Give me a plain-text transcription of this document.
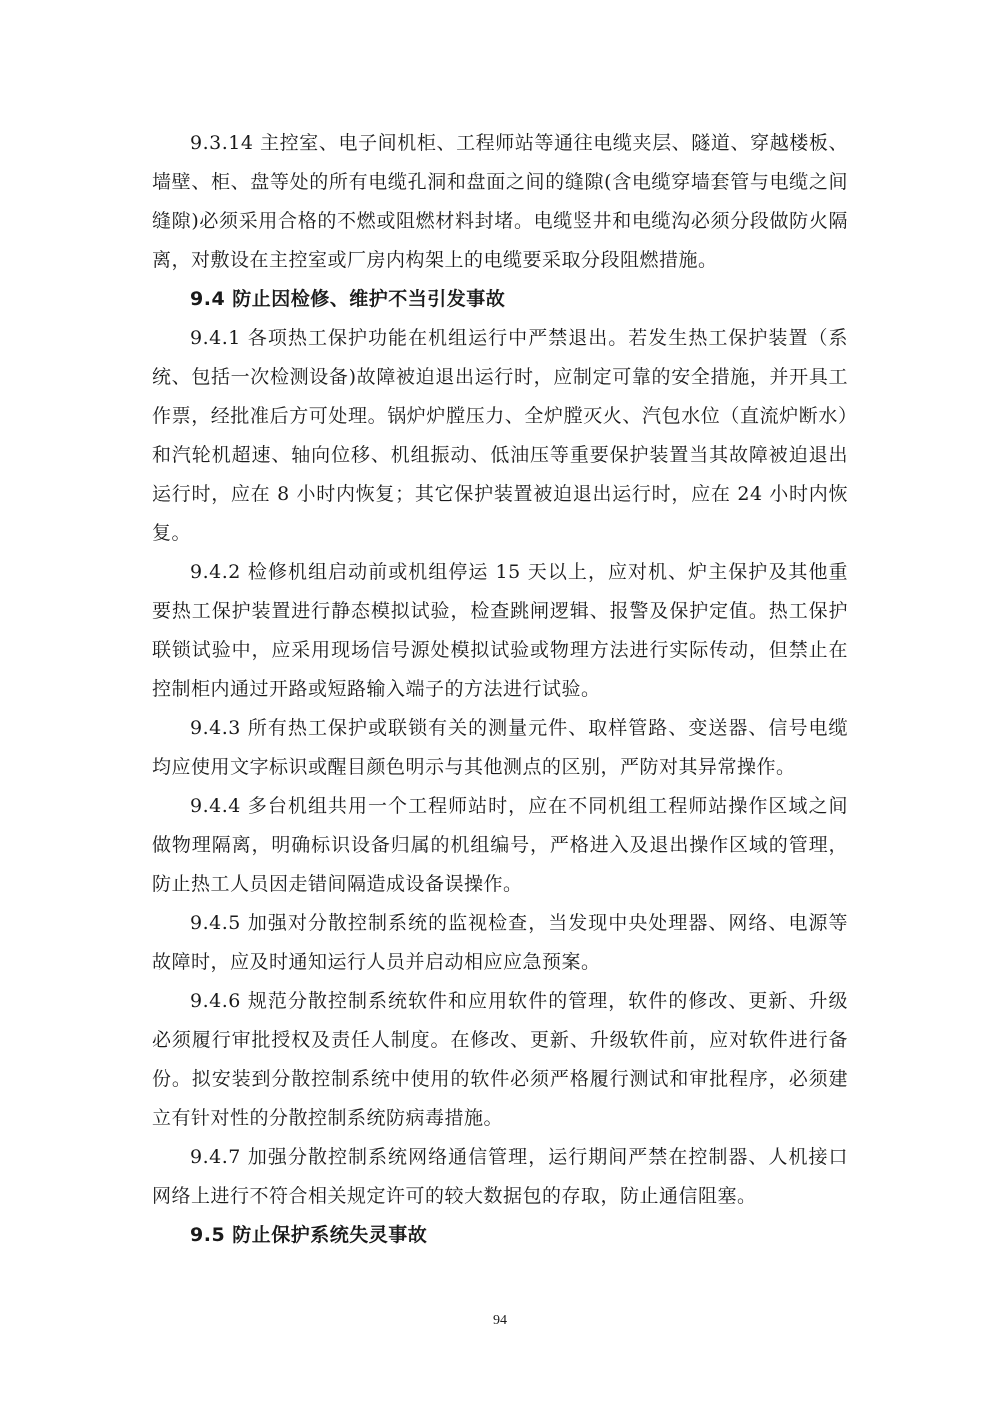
9.3.14 主控室、电子间机柜、工程师站等通往电缆夹层、隧道、穿越楼板、墙壁、柜、盘等处的所有电缆孔洞和盘面之间的缝隙(含电缆穿墙套管与电缆之间缝隙)必须采用合格的不燃或阻燃材料封堵。电缆竖井和电缆沟必须分段做防火隔离，对敷设在主控室或厂房内构架上的电缆要采取分段阻燃措施。

9.4 防止因检修、维护不当引发事故

9.4.1 各项热工保护功能在机组运行中严禁退出。若发生热工保护装置（系统、包括一次检测设备)故障被迫退出运行时，应制定可靠的安全措施，并开具工作票，经批准后方可处理。锅炉炉膛压力、全炉膛灭火、汽包水位（直流炉断水）和汽轮机超速、轴向位移、机组振动、低油压等重要保护装置当其故障被迫退出运行时，应在 8 小时内恢复；其它保护装置被迫退出运行时，应在 24 小时内恢复。

9.4.2 检修机组启动前或机组停运 15 天以上，应对机、炉主保护及其他重要热工保护装置进行静态模拟试验，检查跳闸逻辑、报警及保护定值。热工保护联锁试验中，应采用现场信号源处模拟试验或物理方法进行实际传动，但禁止在控制柜内通过开路或短路输入端子的方法进行试验。

9.4.3 所有热工保护或联锁有关的测量元件、取样管路、变送器、信号电缆均应使用文字标识或醒目颜色明示与其他测点的区别，严防对其异常操作。

9.4.4 多台机组共用一个工程师站时，应在不同机组工程师站操作区域之间做物理隔离，明确标识设备归属的机组编号，严格进入及退出操作区域的管理，防止热工人员因走错间隔造成设备误操作。

9.4.5 加强对分散控制系统的监视检查，当发现中央处理器、网络、电源等故障时，应及时通知运行人员并启动相应应急预案。

9.4.6 规范分散控制系统软件和应用软件的管理，软件的修改、更新、升级必须履行审批授权及责任人制度。在修改、更新、升级软件前，应对软件进行备份。拟安装到分散控制系统中使用的软件必须严格履行测试和审批程序，必须建立有针对性的分散控制系统防病毒措施。

9.4.7 加强分散控制系统网络通信管理，运行期间严禁在控制器、人机接口网络上进行不符合相关规定许可的较大数据包的存取，防止通信阻塞。

9.5 防止保护系统失灵事故

94
